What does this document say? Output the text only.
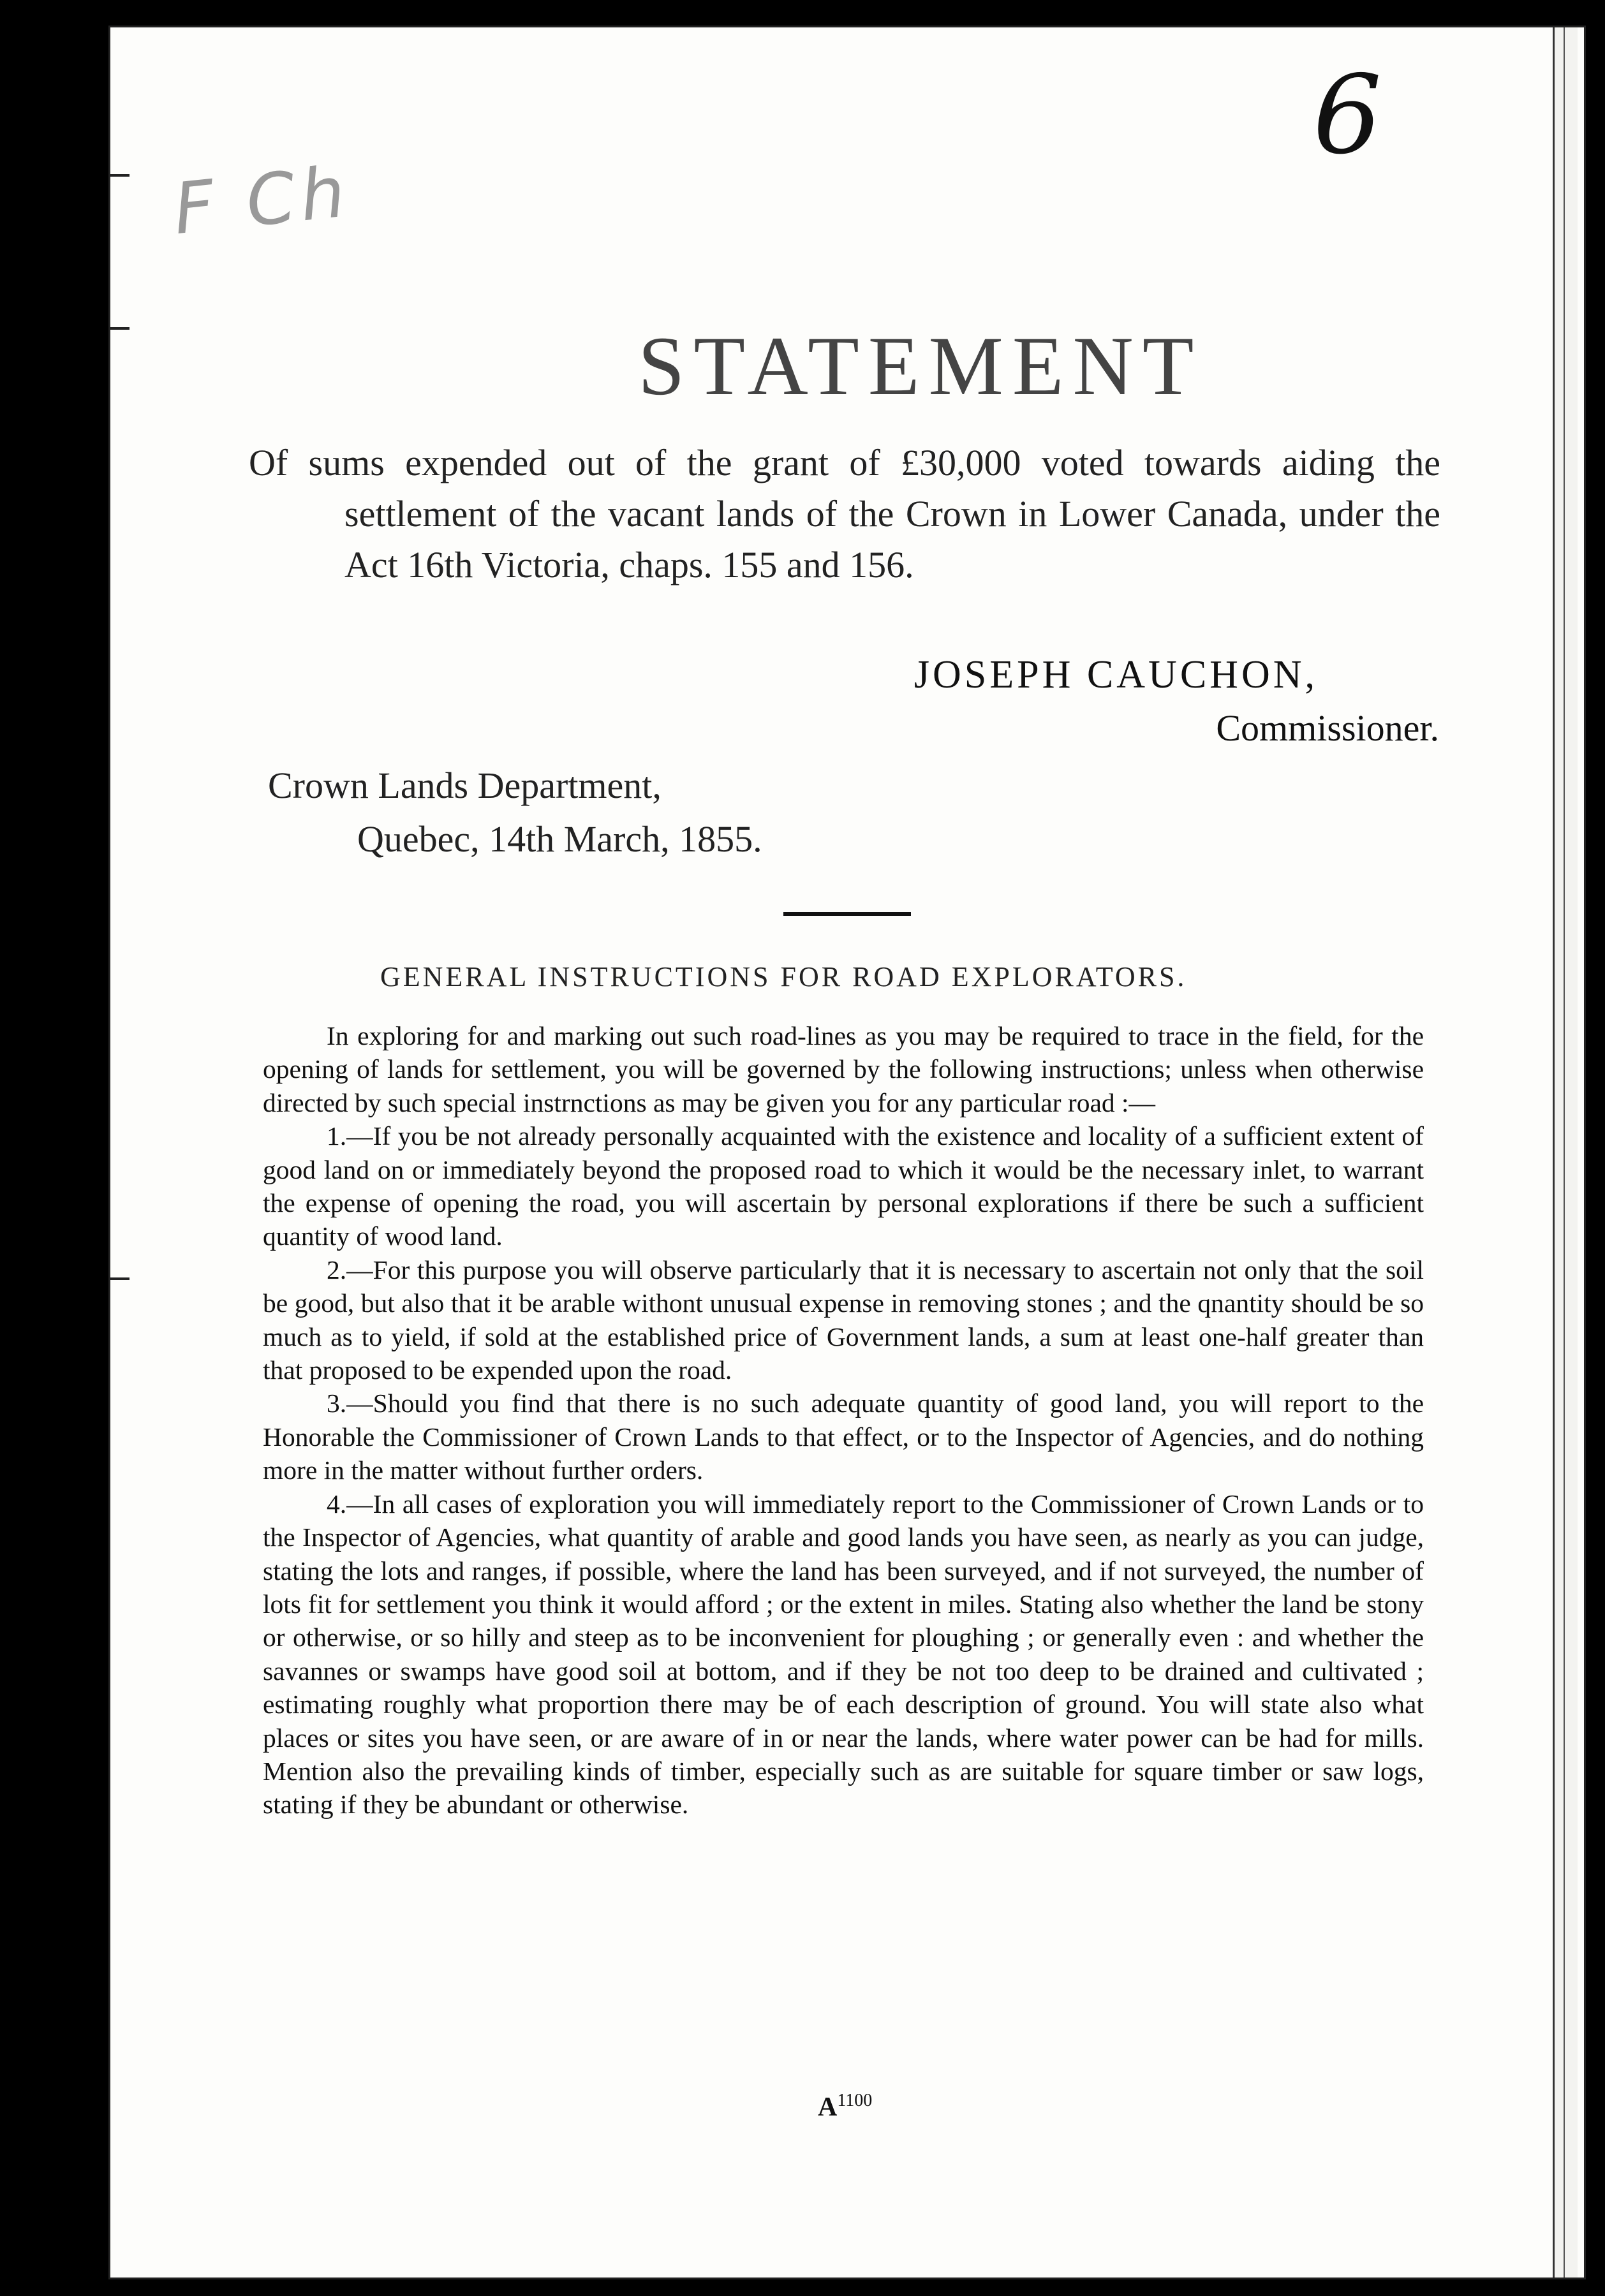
6
F Ch
STATEMENT
Of sums expended out of the grant of £30,000 voted towards aiding the settlement of the vacant lands of the Crown in Lower Canada, under the Act 16th Victoria, chaps. 155 and 156.
JOSEPH CAUCHON,
Commissioner.
Crown Lands Department,
Quebec, 14th March, 1855.
GENERAL INSTRUCTIONS FOR ROAD EXPLORATORS.

In exploring for and marking out such road-lines as you may be required to trace in the field, for the opening of lands for settlement, you will be governed by the following instructions; unless when otherwise directed by such special instrnctions as may be given you for any particular road :—

1.—If you be not already personally acquainted with the existence and locality of a sufficient extent of good land on or immediately beyond the proposed road to which it would be the necessary inlet, to warrant the expense of opening the road, you will ascertain by personal explorations if there be such a sufficient quantity of wood land.

2.—For this purpose you will observe particularly that it is necessary to ascertain not only that the soil be good, but also that it be arable withont unusual expense in removing stones ; and the qnantity should be so much as to yield, if sold at the established price of Government lands, a sum at least one-half greater than that proposed to be expended upon the road.

3.—Should you find that there is no such adequate quantity of good land, you will report to the Honorable the Commissioner of Crown Lands to that effect, or to the Inspector of Agencies, and do nothing more in the matter without further orders.

4.—In all cases of exploration you will immediately report to the Commissioner of Crown Lands or to the Inspector of Agencies, what quantity of arable and good lands you have seen, as nearly as you can judge, stating the lots and ranges, if possible, where the land has been surveyed, and if not surveyed, the number of lots fit for settlement you think it would afford ; or the extent in miles. Stating also whether the land be stony or otherwise, or so hilly and steep as to be inconvenient for ploughing ; or generally even : and whether the savannes or swamps have good soil at bottom, and if they be not too deep to be drained and cultivated ; estimating roughly what proportion there may be of each description of ground. You will state also what places or sites you have seen, or are aware of in or near the lands, where water power can be had for mills. Mention also the prevailing kinds of timber, especially such as are suitable for square timber or saw logs, stating if they be abundant or otherwise.

$A^{1100}$
